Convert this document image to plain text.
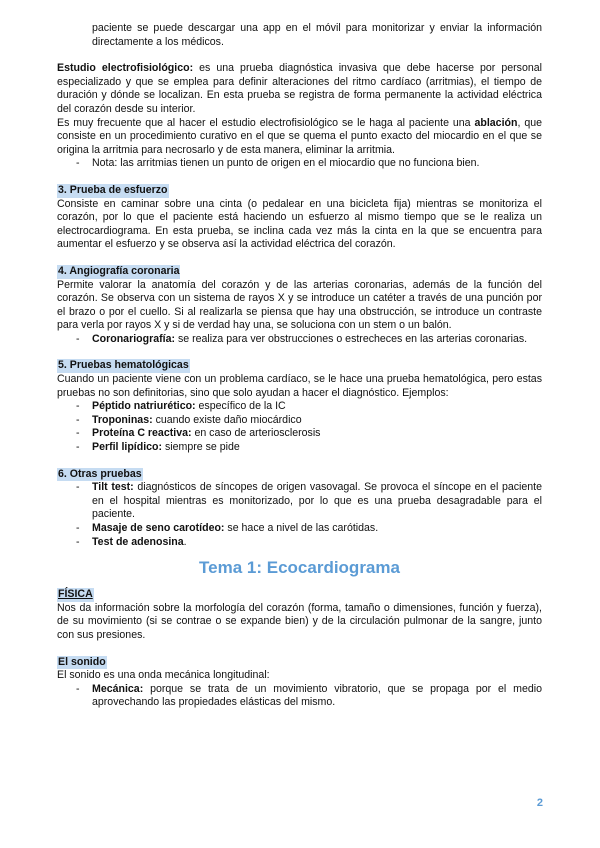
paciente se puede descargar una app en el móvil para monitorizar y enviar la información directamente a los médicos.

Estudio electrofisiológico: es una prueba diagnóstica invasiva que debe hacerse por personal especializado y que se emplea para definir alteraciones del ritmo cardíaco (arritmias), el tiempo de duración y dónde se localizan. En esta prueba se registra de forma permanente la actividad eléctrica del corazón desde su interior.

Es muy frecuente que al hacer el estudio electrofisiológico se le haga al paciente una ablación, que consiste en un procedimiento curativo en el que se quema el punto exacto del miocardio en el que se origina la arritmia para necrosarlo y de esta manera, eliminar la arritmia.

- Nota: las arritmias tienen un punto de origen en el miocardio que no funciona bien.
3. Prueba de esfuerzo

Consiste en caminar sobre una cinta (o pedalear en una bicicleta fija) mientras se monitoriza el corazón, por lo que el paciente está haciendo un esfuerzo al mismo tiempo que se le realiza un electrocardiograma. En esta prueba, se inclina cada vez más la cinta en la que se encuentra para aumentar el esfuerzo y se observa así la actividad eléctrica del corazón.

4. Angiografía coronaria

Permite valorar la anatomía del corazón y de las arterias coronarias, además de la función del corazón. Se observa con un sistema de rayos X y se introduce un catéter a través de una punción por el brazo o por el cuello. Si al realizarla se piensa que hay una obstrucción, se introduce un contraste para verla por rayos X y si de verdad hay una, se soluciona con un stem o un balón.

- Coronariografía: se realiza para ver obstrucciones o estrecheces en las arterias coronarias.
5. Pruebas hematológicas

Cuando un paciente viene con un problema cardíaco, se le hace una prueba hematológica, pero estas pruebas no son definitorias, sino que solo ayudan a hacer el diagnóstico. Ejemplos:

- Péptido natriurético: específico de la IC
- Troponinas: cuando existe daño miocárdico
- Proteína C reactiva: en caso de arteriosclerosis
- Perfil lipídico: siempre se pide
6. Otras pruebas
- Tilt test: diagnósticos de síncopes de origen vasovagal. Se provoca el síncope en el paciente en el hospital mientras es monitorizado, por lo que es una prueba desagradable para el paciente.
- Masaje de seno carotídeo: se hace a nivel de las carótidas.
- Test de adenosina.
Tema 1: Ecocardiograma
FÍSICA

Nos da información sobre la morfología del corazón (forma, tamaño o dimensiones, función y fuerza), de su movimiento (si se contrae o se expande bien) y de la circulación pulmonar de la sangre, junto con sus presiones.

El sonido

El sonido es una onda mecánica longitudinal:

- Mecánica: porque se trata de un movimiento vibratorio, que se propaga por el medio aprovechando las propiedades elásticas del mismo.
2
